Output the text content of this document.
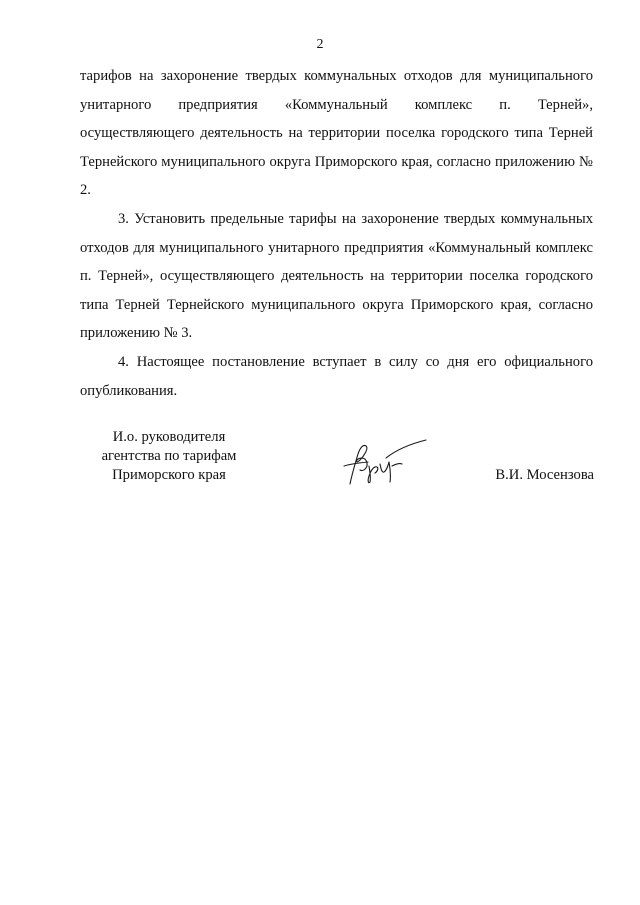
2

тарифов на захоронение твердых коммунальных отходов для муниципального унитарного предприятия «Коммунальный комплекс п. Терней», осуществляющего деятельность на территории поселка городского типа Терней Тернейского муниципального округа Приморского края, согласно приложению № 2.

3. Установить предельные тарифы на захоронение твердых коммунальных отходов для муниципального унитарного предприятия «Коммунальный комплекс п. Терней», осуществляющего деятельность на территории поселка городского типа Терней Тернейского муниципального округа Приморского края, согласно приложению № 3.

4. Настоящее постановление вступает в силу со дня его официального опубликования.

И.о. руководителя
агентства по тарифам
Приморского края	В.И. Мосензова
